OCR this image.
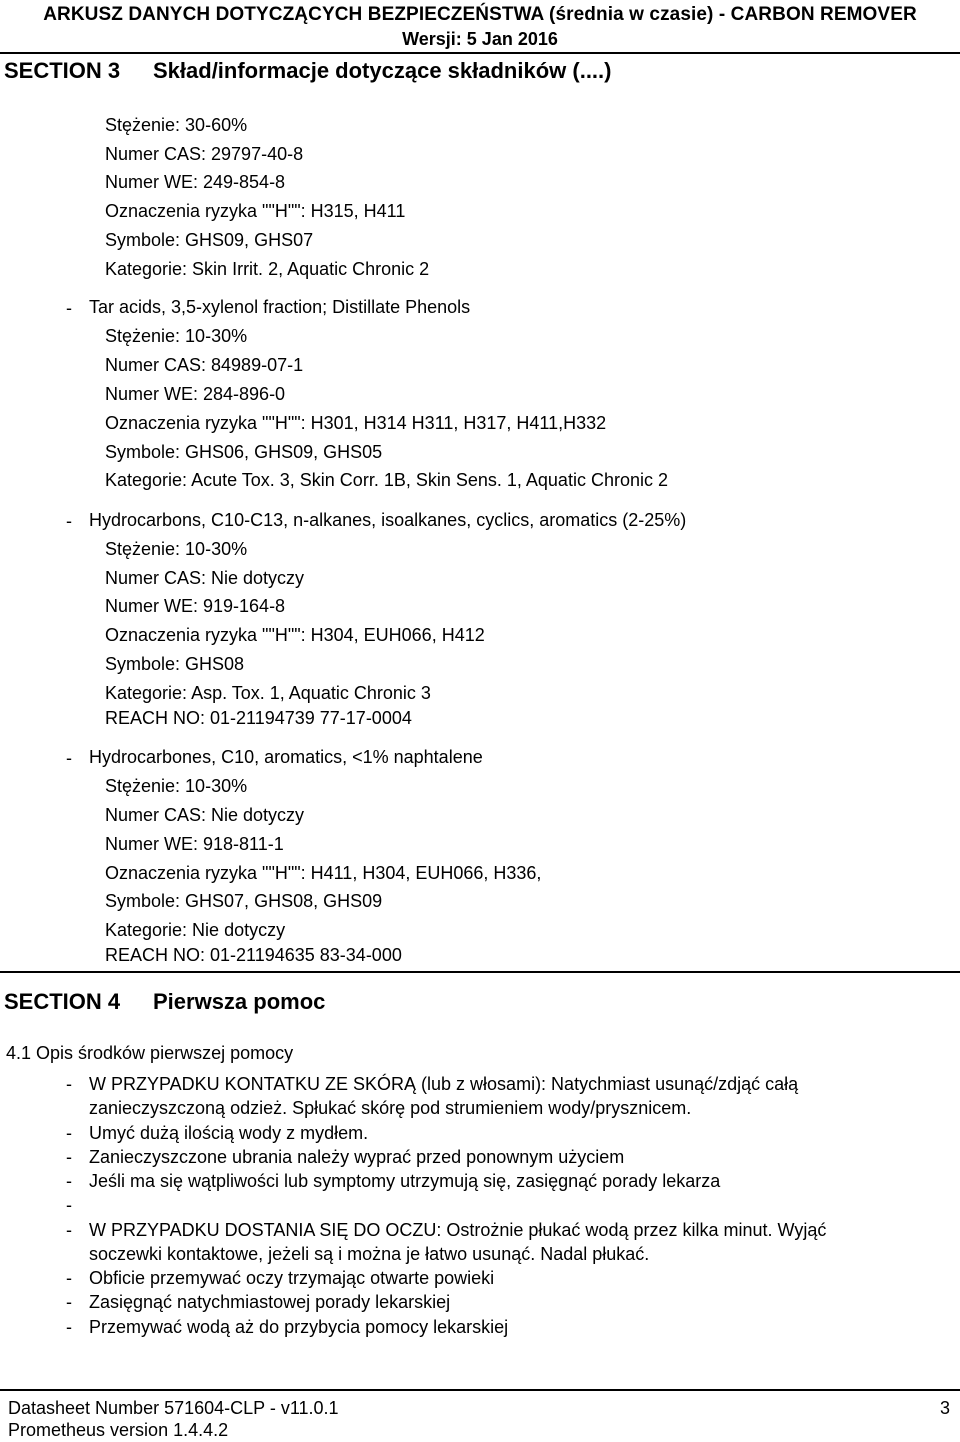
ARKUSZ DANYCH DOTYCZĄCYCH BEZPIECZEŃSTWA (średnia w czasie) - CARBON REMOVER
Wersji: 5 Jan 2016
SECTION 3 Skład/informacje dotyczące składników (....)
Stężenie: 30-60%
Numer CAS: 29797-40-8
Numer WE: 249-854-8
Oznaczenia ryzyka ""H"": H315, H411
Symbole: GHS09, GHS07
Kategorie: Skin Irrit. 2, Aquatic Chronic 2
- Tar acids, 3,5-xylenol fraction; Distillate Phenols
Stężenie: 10-30%
Numer CAS: 84989-07-1
Numer WE: 284-896-0
Oznaczenia ryzyka ""H"": H301, H314 H311, H317, H411,H332
Symbole: GHS06, GHS09, GHS05
Kategorie: Acute Tox. 3, Skin Corr. 1B, Skin Sens. 1, Aquatic Chronic 2
- Hydrocarbons, C10-C13, n-alkanes, isoalkanes, cyclics, aromatics (2-25%)
Stężenie: 10-30%
Numer CAS: Nie dotyczy
Numer WE: 919-164-8
Oznaczenia ryzyka ""H"": H304, EUH066, H412
Symbole: GHS08
Kategorie: Asp. Tox. 1, Aquatic Chronic 3
REACH NO: 01-21194739 77-17-0004
- Hydrocarbones, C10, aromatics, <1% naphtalene
Stężenie: 10-30%
Numer CAS: Nie dotyczy
Numer WE: 918-811-1
Oznaczenia ryzyka ""H"": H411, H304, EUH066, H336,
Symbole: GHS07, GHS08, GHS09
Kategorie: Nie dotyczy
REACH NO: 01-21194635 83-34-000
SECTION 4 Pierwsza pomoc
4.1 Opis środków pierwszej pomocy
- W PRZYPADKU KONTATKU ZE SKÓRĄ (lub z włosami): Natychmiast usunąć/zdjąć całą
zanieczyszczoną odzież. Spłukać skórę pod strumieniem wody/prysznicem.
- Umyć dużą ilością wody z mydłem.
- Zanieczyszczone ubrania należy wyprać przed ponownym użyciem
- Jeśli ma się wątpliwości lub symptomy utrzymują się, zasięgnąć porady lekarza
-
- W PRZYPADKU DOSTANIA SIĘ DO OCZU: Ostrożnie płukać wodą przez kilka minut. Wyjąć
soczewki kontaktowe, jeżeli są i można je łatwo usunąć. Nadal płukać.
- Obficie przemywać oczy trzymając otwarte powieki
- Zasięgnąć natychmiastowej porady lekarskiej
- Przemywać wodą aż do przybycia pomocy lekarskiej
Datasheet Number 571604-CLP - v11.0.1	3
Prometheus version 1.4.4.2
